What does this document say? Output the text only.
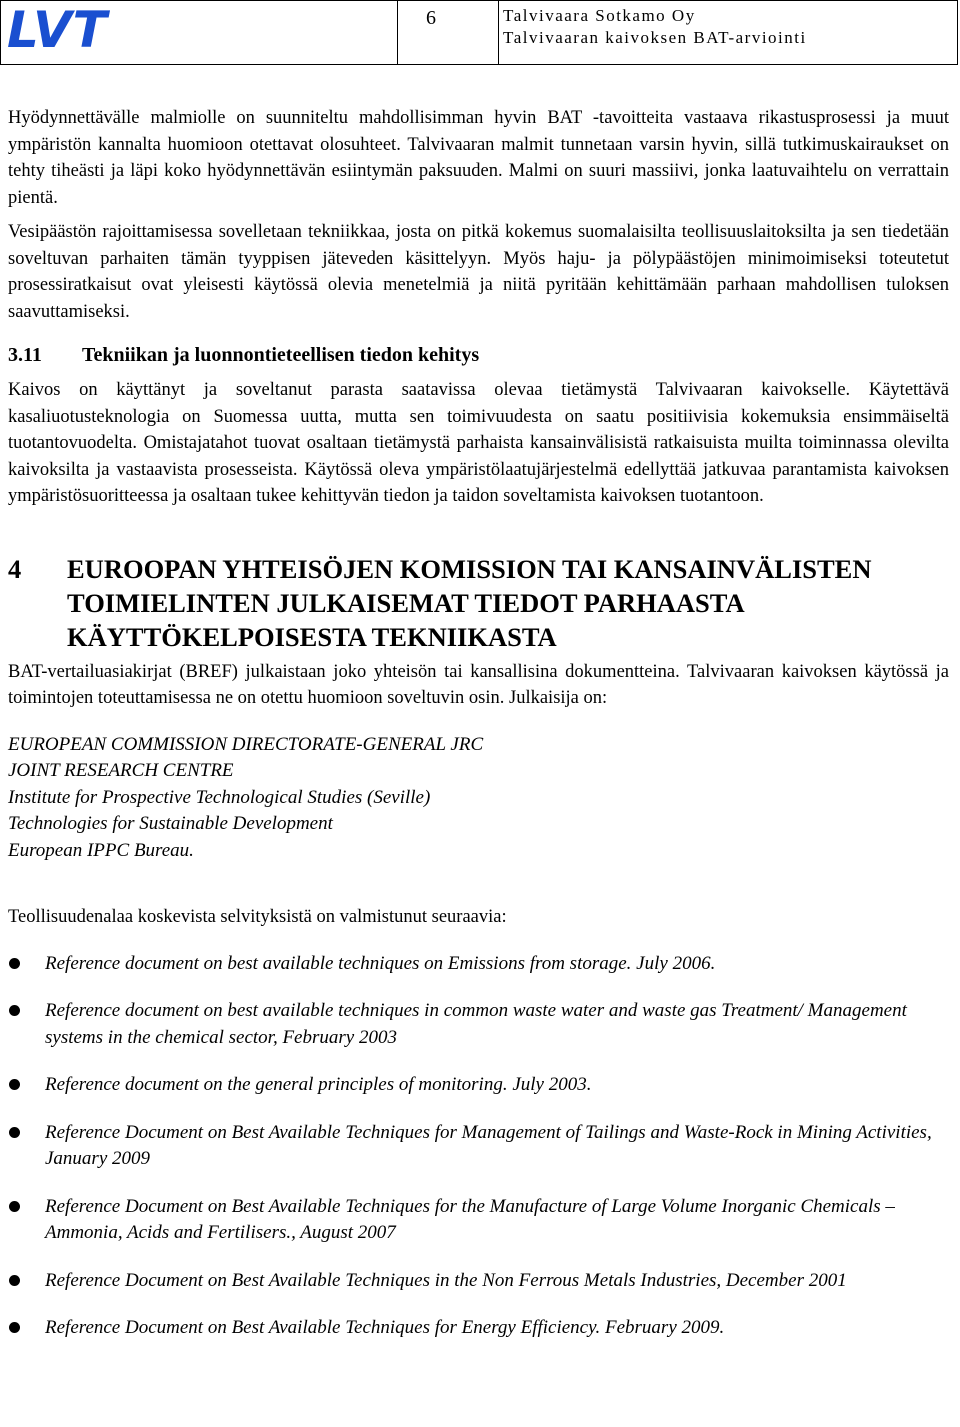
LVT	6	Talvivaara Sotkamo Oy
Talvivaaran kaivoksen BAT-arviointi

Hyödynnettävälle malmiolle on suunniteltu mahdollisimman hyvin BAT -tavoitteita vastaava rikastusprosessi ja muut ympäristön kannalta huomioon otettavat olosuhteet. Talvivaaran malmit tunnetaan varsin hyvin, sillä tutkimuskairaukset on tehty tiheästi ja läpi koko hyödynnettävän esiintymän paksuuden. Malmi on suuri massiivi, jonka laatuvaihtelu on verrattain pientä.

Vesipäästön rajoittamisessa sovelletaan tekniikkaa, josta on pitkä kokemus suomalaisilta teollisuuslaitoksilta ja sen tiedetään soveltuvan parhaiten tämän tyyppisen jäteveden käsittelyyn. Myös haju- ja pölypäästöjen minimoimiseksi toteutetut prosessiratkaisut ovat yleisesti käytössä olevia menetelmiä ja niitä pyritään kehittämään parhaan mahdollisen tuloksen saavuttamiseksi.

3.11 Tekniikan ja luonnontieteellisen tiedon kehitys

Kaivos on käyttänyt ja soveltanut parasta saatavissa olevaa tietämystä Talvivaaran kaivokselle. Käytettävä kasaliuotusteknologia on Suomessa uutta, mutta sen toimivuudesta on saatu positiivisia kokemuksia ensimmäiseltä tuotantovuodelta. Omistajatahot tuovat osaltaan tietämystä parhaista kansainvälisistä ratkaisuista muilta toiminnassa olevilta kaivoksilta ja vastaavista prosesseista. Käytössä oleva ympäristölaatujärjestelmä edellyttää jatkuvaa parantamista kaivoksen ympäristösuoritteessa ja osaltaan tukee kehittyvän tiedon ja taidon soveltamista kaivoksen tuotantoon.

4 EUROOPAN YHTEISÖJEN KOMISSION TAI KANSAINVÄLISTEN TOIMIELINTEN JULKAISEMAT TIEDOT PARHAASTA KÄYTTÖKELPOISESTA TEKNIIKASTA

BAT-vertailuasiakirjat (BREF) julkaistaan joko yhteisön tai kansallisina dokumentteina. Talvivaaran kaivoksen käytössä ja toimintojen toteuttamisessa ne on otettu huomioon soveltuvin osin. Julkaisija on:

EUROPEAN COMMISSION DIRECTORATE-GENERAL JRC
JOINT RESEARCH CENTRE
Institute for Prospective Technological Studies (Seville)
Technologies for Sustainable Development
European IPPC Bureau.

Teollisuudenalaa koskevista selvityksistä on valmistunut seuraavia:

Reference document on best available techniques on Emissions from storage. July 2006.
Reference document on best available techniques in common waste water and waste gas Treatment/ Management systems in the chemical sector, February 2003
Reference document on the general principles of monitoring. July 2003.
Reference Document on Best Available Techniques for Management of Tailings and Waste-Rock in Mining Activities, January 2009
Reference Document on Best Available Techniques for the Manufacture of Large Volume Inorganic Chemicals – Ammonia, Acids and Fertilisers., August 2007
Reference Document on Best Available Techniques in the Non Ferrous Metals Industries, December 2001
Reference Document on Best Available Techniques for Energy Efficiency. February 2009.
